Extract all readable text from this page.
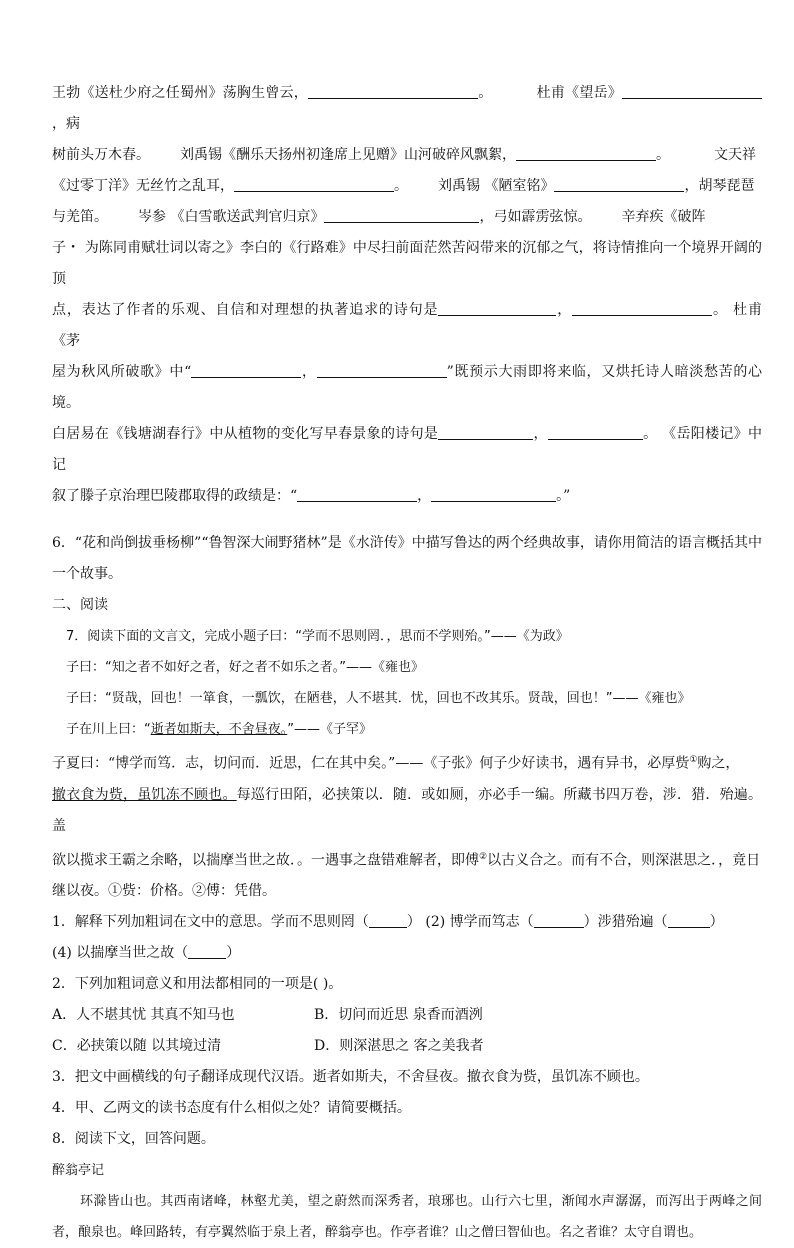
王勃《送杜少府之任蜀州》荡胸生曾云，	。	杜甫《望岳》，病

树前头万木春。 刘禹锡《酬乐天扬州初逢席上见赠》山河破碎风飘絮，	。	文天祥

《过零丁洋》无丝竹之乱耳，	。 刘禹锡 《陋室铭》	，胡琴琵琶

与羌笛。 岑参 《白雪歌送武判官归京》	，弓如霹雳弦惊。 辛弃疾《破阵

子・ 为陈同甫赋壮词以寄之》李白的《行路难》中尽扫前面茫然苦闷带来的沉郁之气，将诗情推向一个境界开阔的顶

点，表达了作者的乐观、自信和对理想的执著追求的诗句是	，	。 杜甫《茅

屋为秋风所破歌》中“	，	”既预示大雨即将来临，又烘托诗人暗淡愁苦的心境。

白居易在《钱塘湖春行》中从植物的变化写早春景象的诗句是	，	。 《岳阳楼记》中记

叙了滕子京治理巴陵郡取得的政绩是：“	，	。”

6．“花和尚倒拔垂杨柳”“鲁智深大闹野猪林”是《水浒传》中描写鲁达的两个经典故事，请你用简洁的语言概括其中一个故事。

二、阅读

7．阅读下面的文言文，完成小题子曰：“学而不思则罔．，思而不学则殆。”——《为政》

子曰：“知之者不如好之者，好之者不如乐之者。”——《雍也》

子曰：“贤哉，回也！一箪食，一瓢饮，在陋巷，人不堪其．忧，回也不改其乐。贤哉，回也！”——《雍也》

子在川上曰：“逝者如斯夫，不舍昼夜。”——《子罕》

子夏曰：“博学而笃．志，切问而．近思，仁在其中矣。”——《子张》何子少好读书，遇有异书，必厚赀①购之，

撤衣食为赀，虽饥冻不顾也。每巡行田陌，必挟策以．随．或如厕，亦必手一编。所藏书四万卷，涉．猎．殆遍。盖

欲以揽求王霸之余略，以揣摩当世之故．。一遇事之盘错难解者，即傅②以古义合之。而有不合，则深湛思之．，竟日

继以夜。①赀：价格。②傅：凭借。

1．解释下列加粗词在文中的意思。学而不思则罔（	） (2) 博学而笃志（	）涉猎殆遍（	）

(4) 以揣摩当世之故（	）

2．下列加粗词意义和用法都相同的一项是( )。

A．人不堪其忧 其真不知马也	B．切问而近思 泉香而酒洌
C．必挟策以随 以其境过清	D．则深湛思之 客之美我者

3．把文中画横线的句子翻译成现代汉语。逝者如斯夫，不舍昼夜。撤衣食为赀，虽饥冻不顾也。

4．甲、乙两文的读书态度有什么相似之处？请简要概括。

8．阅读下文，回答问题。

醉翁亭记

环滁皆山也。其西南诸峰，林壑尤美，望之蔚然而深秀者，琅琊也。山行六七里，渐闻水声潺潺，而泻出于两峰之间者，酿泉也。峰回路转，有亭翼然临于泉上者，醉翁亭也。作亭者谁？山之僧曰智仙也。名之者谁？太守自谓也。
